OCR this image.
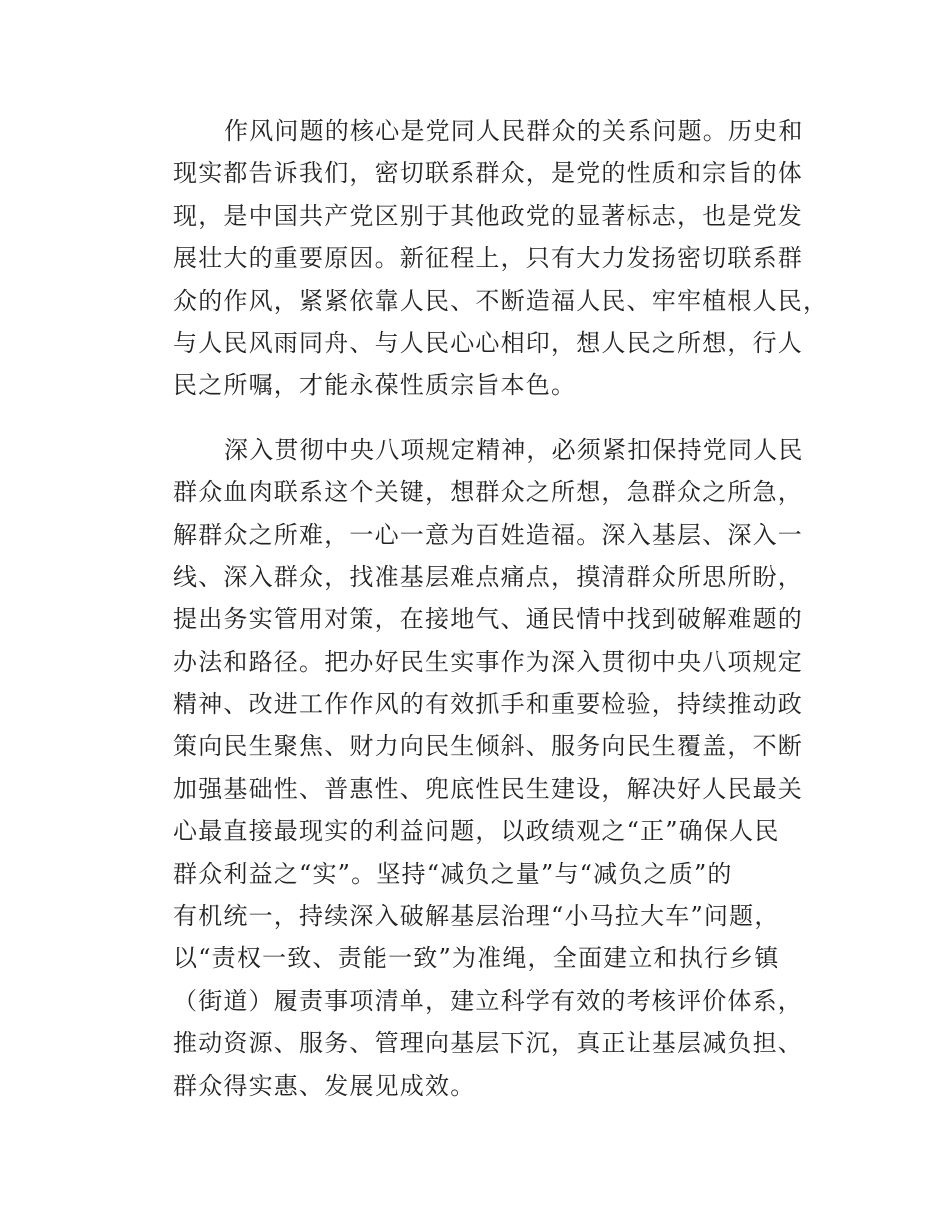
作风问题的核心是党同人民群众的关系问题。历史和
现实都告诉我们，密切联系群众，是党的性质和宗旨的体
现，是中国共产党区别于其他政党的显著标志，也是党发
展壮大的重要原因。新征程上，只有大力发扬密切联系群
众的作风，紧紧依靠人民、不断造福人民、牢牢植根人民，
与人民风雨同舟、与人民心心相印，想人民之所想，行人
民之所嘱，才能永葆性质宗旨本色。

深入贯彻中央八项规定精神，必须紧扣保持党同人民
群众血肉联系这个关键，想群众之所想，急群众之所急，
解群众之所难，一心一意为百姓造福。深入基层、深入一
线、深入群众，找准基层难点痛点，摸清群众所思所盼，
提出务实管用对策，在接地气、通民情中找到破解难题的
办法和路径。把办好民生实事作为深入贯彻中央八项规定
精神、改进工作作风的有效抓手和重要检验，持续推动政
策向民生聚焦、财力向民生倾斜、服务向民生覆盖，不断
加强基础性、普惠性、兜底性民生建设，解决好人民最关
心最直接最现实的利益问题，以政绩观之“正”确保人民
群众利益之“实”。坚持“减负之量”与“减负之质”的
有机统一，持续深入破解基层治理“小马拉大车”问题，
以“责权一致、责能一致”为准绳，全面建立和执行乡镇
（街道）履责事项清单，建立科学有效的考核评价体系，
推动资源、服务、管理向基层下沉，真正让基层减负担、
群众得实惠、发展见成效。
